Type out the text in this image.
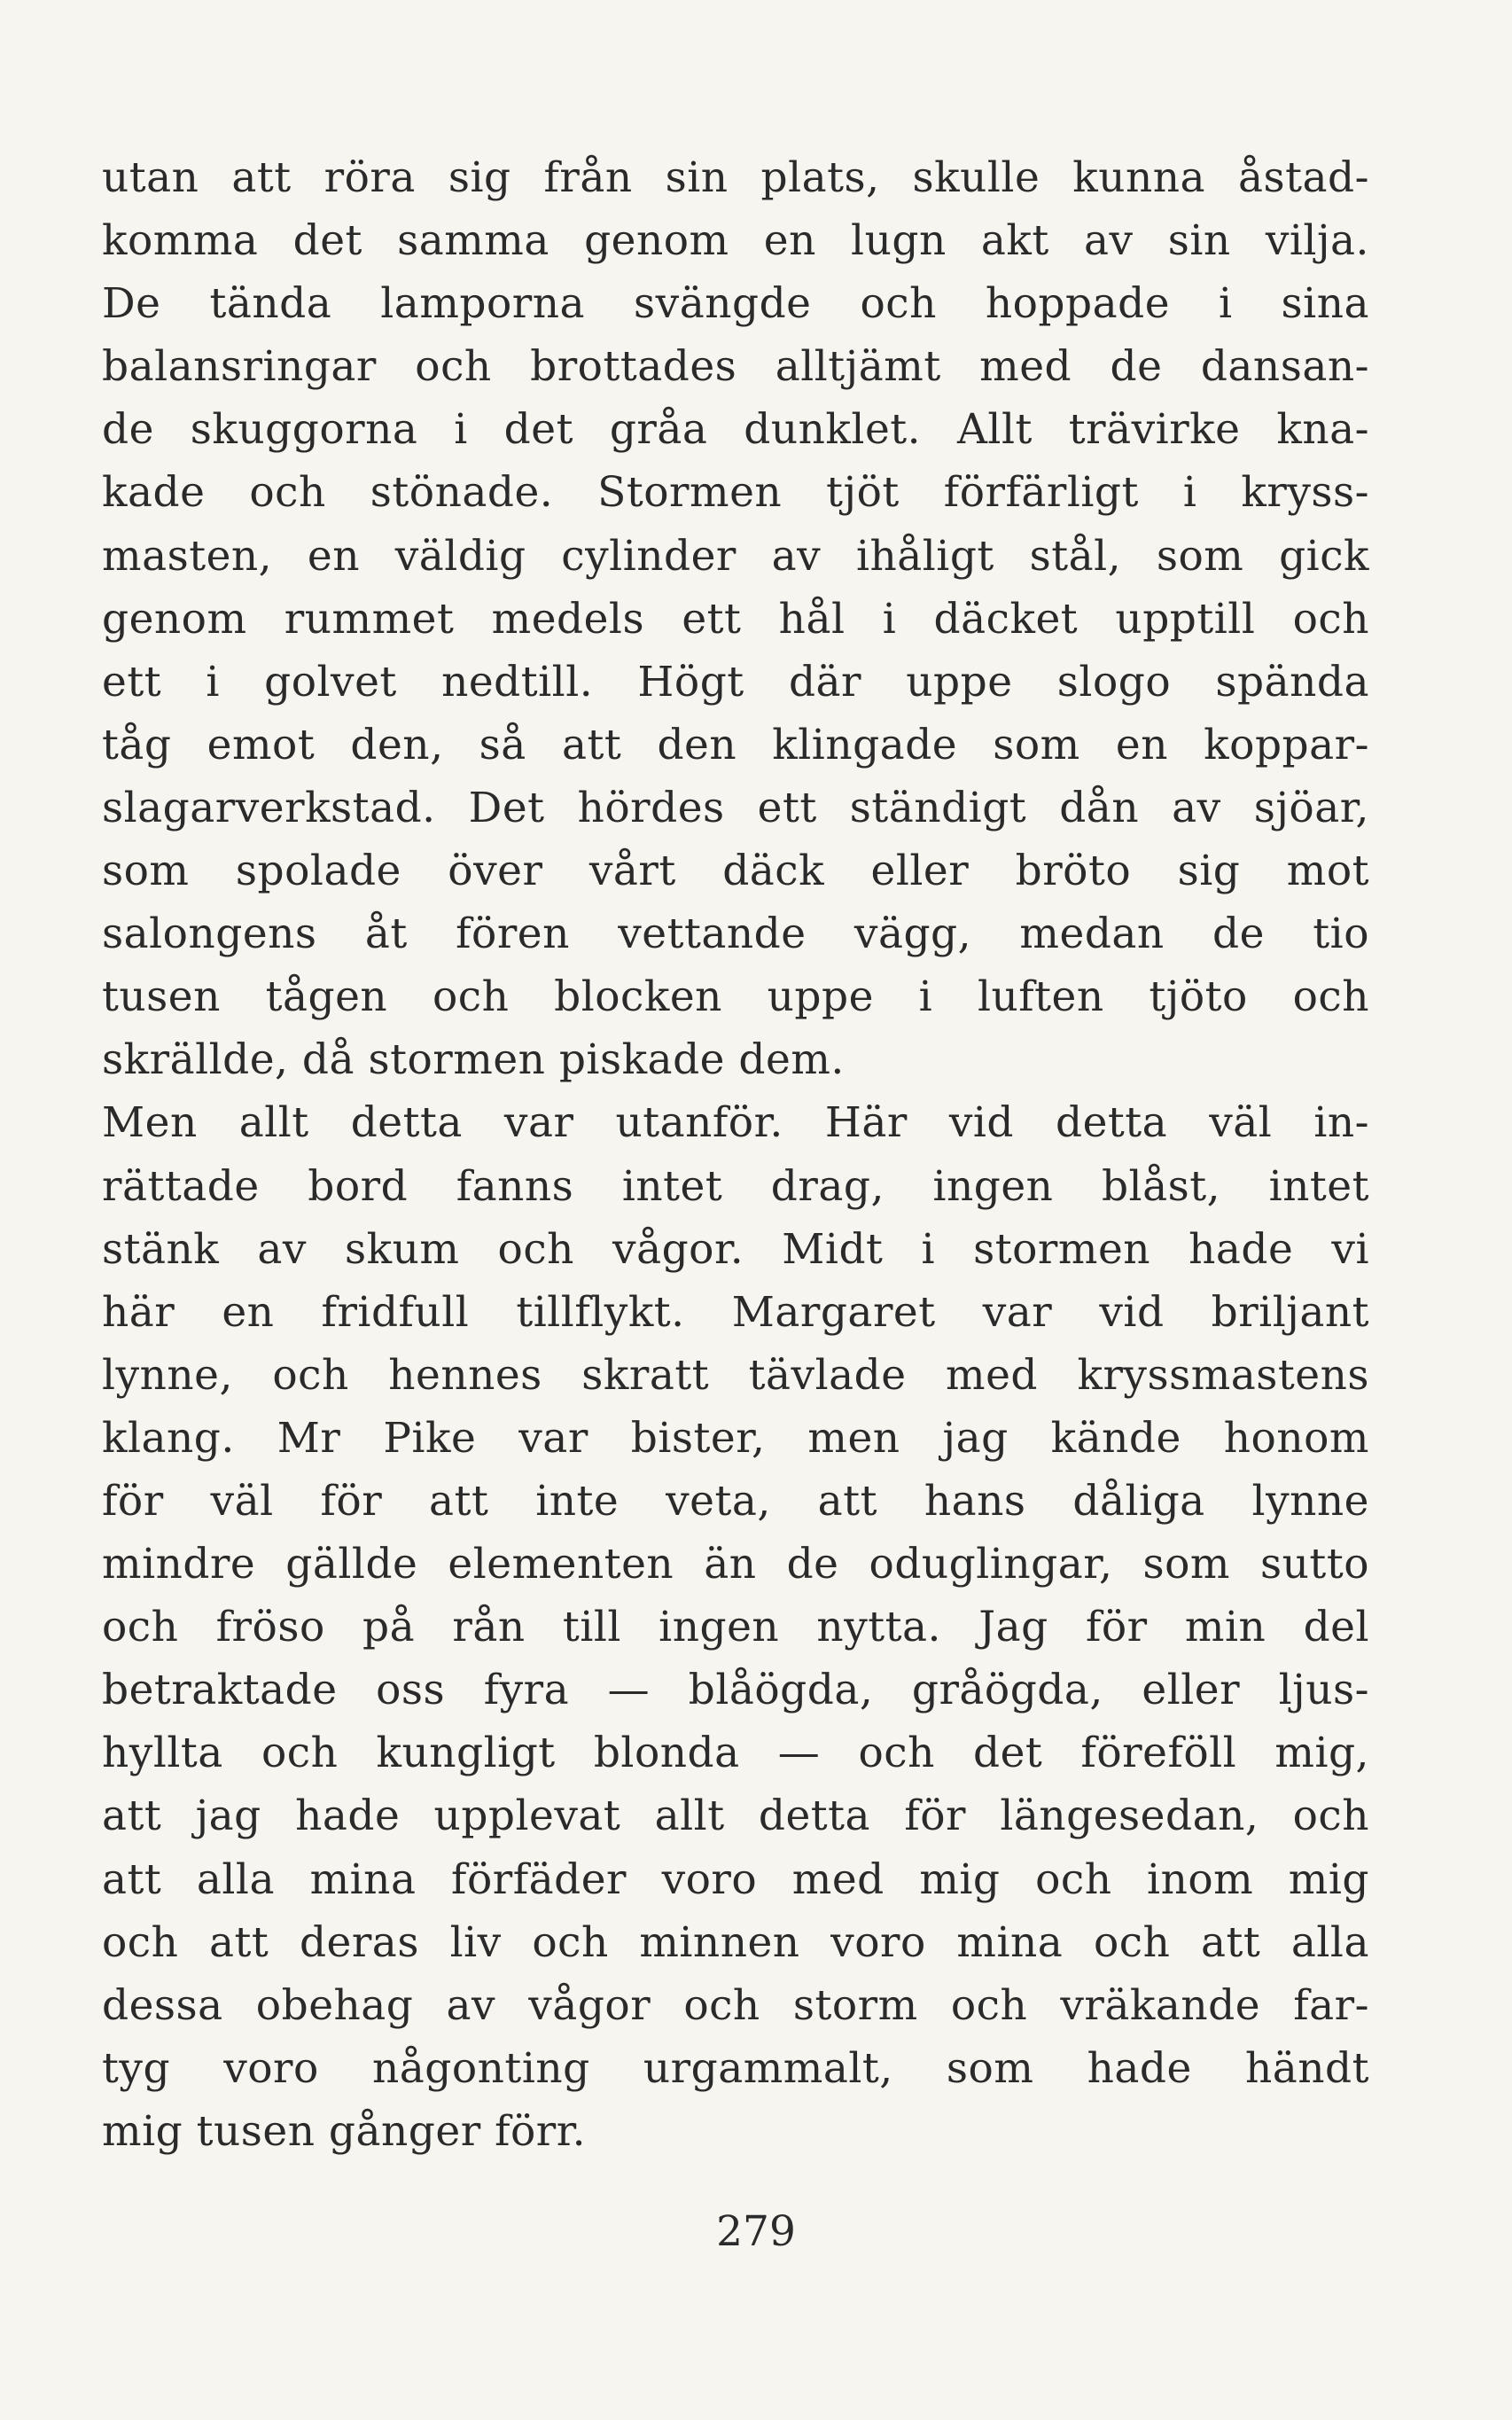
utan att röra sig från sin plats, skulle kunna åstad-
komma det samma genom en lugn akt av sin vilja.
De tända lamporna svängde och hoppade i sina
balansringar och brottades alltjämt med de dansan-
de skuggorna i det gråa dunklet. Allt trävirke kna-
kade och stönade. Stormen tjöt förfärligt i kryss-
masten, en väldig cylinder av ihåligt stål, som gick
genom rummet medels ett hål i däcket upptill och
ett i golvet nedtill. Högt där uppe slogo spända
tåg emot den, så att den klingade som en koppar-
slagarverkstad. Det hördes ett ständigt dån av sjöar,
som spolade över vårt däck eller bröto sig mot
salongens åt fören vettande vägg, medan de tio
tusen tågen och blocken uppe i luften tjöto och
skrällde, då stormen piskade dem.
Men allt detta var utanför. Här vid detta väl in-
rättade bord fanns intet drag, ingen blåst, intet
stänk av skum och vågor. Midt i stormen hade vi
här en fridfull tillflykt. Margaret var vid briljant
lynne, och hennes skratt tävlade med kryssmastens
klang. Mr Pike var bister, men jag kände honom
för väl för att inte veta, att hans dåliga lynne
mindre gällde elementen än de oduglingar, som sutto
och fröso på rån till ingen nytta. Jag för min del
betraktade oss fyra — blåögda, gråögda, eller ljus-
hyllta och kungligt blonda — och det föreföll mig,
att jag hade upplevat allt detta för längesedan, och
att alla mina förfäder voro med mig och inom mig
och att deras liv och minnen voro mina och att alla
dessa obehag av vågor och storm och vräkande far-
tyg voro någonting urgammalt, som hade händt
mig tusen gånger förr.
279
